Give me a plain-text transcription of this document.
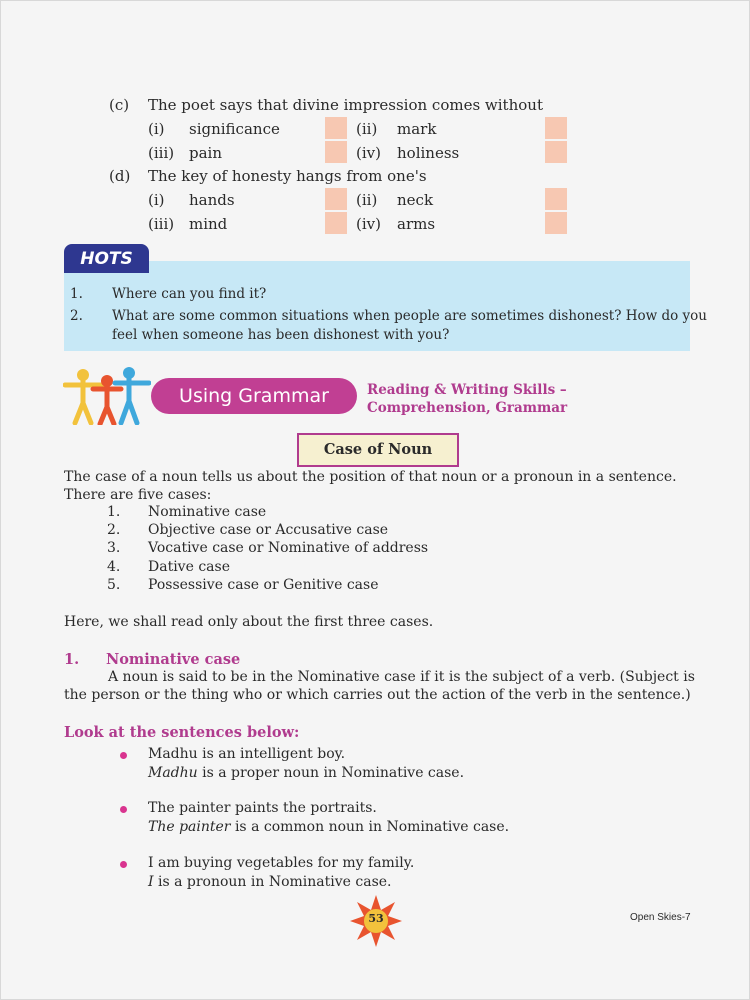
(c) The poet says that divine impression comes without
(i) significance	(ii) mark
(iii) pain	(iv) holiness
(d) The key of honesty hangs from one's
(i) hands	(ii) neck
(iii) mind	(iv) arms
HOTS
1. Where can you find it?
2. What are some common situations when people are sometimes dishonest? How do you
feel when someone has been dishonest with you?
Using Grammar	Reading & Writing Skills –
Comprehension, Grammar
Case of Noun
The case of a noun tells us about the position of that noun or a pronoun in a sentence.
There are five cases:
1. Nominative case
2. Objective case or Accusative case
3. Vocative case or Nominative of address
4. Dative case
5. Possessive case or Genitive case
Here, we shall read only about the first three cases.
1. Nominative case
A noun is said to be in the Nominative case if it is the subject of a verb. (Subject is
the person or the thing who or which carries out the action of the verb in the sentence.)
Look at the sentences below:
Madhu is an intelligent boy.
Madhu is a proper noun in Nominative case.
The painter paints the portraits.
The painter is a common noun in Nominative case.
I am buying vegetables for my family.
I is a pronoun in Nominative case.
53	Open Skies-7
